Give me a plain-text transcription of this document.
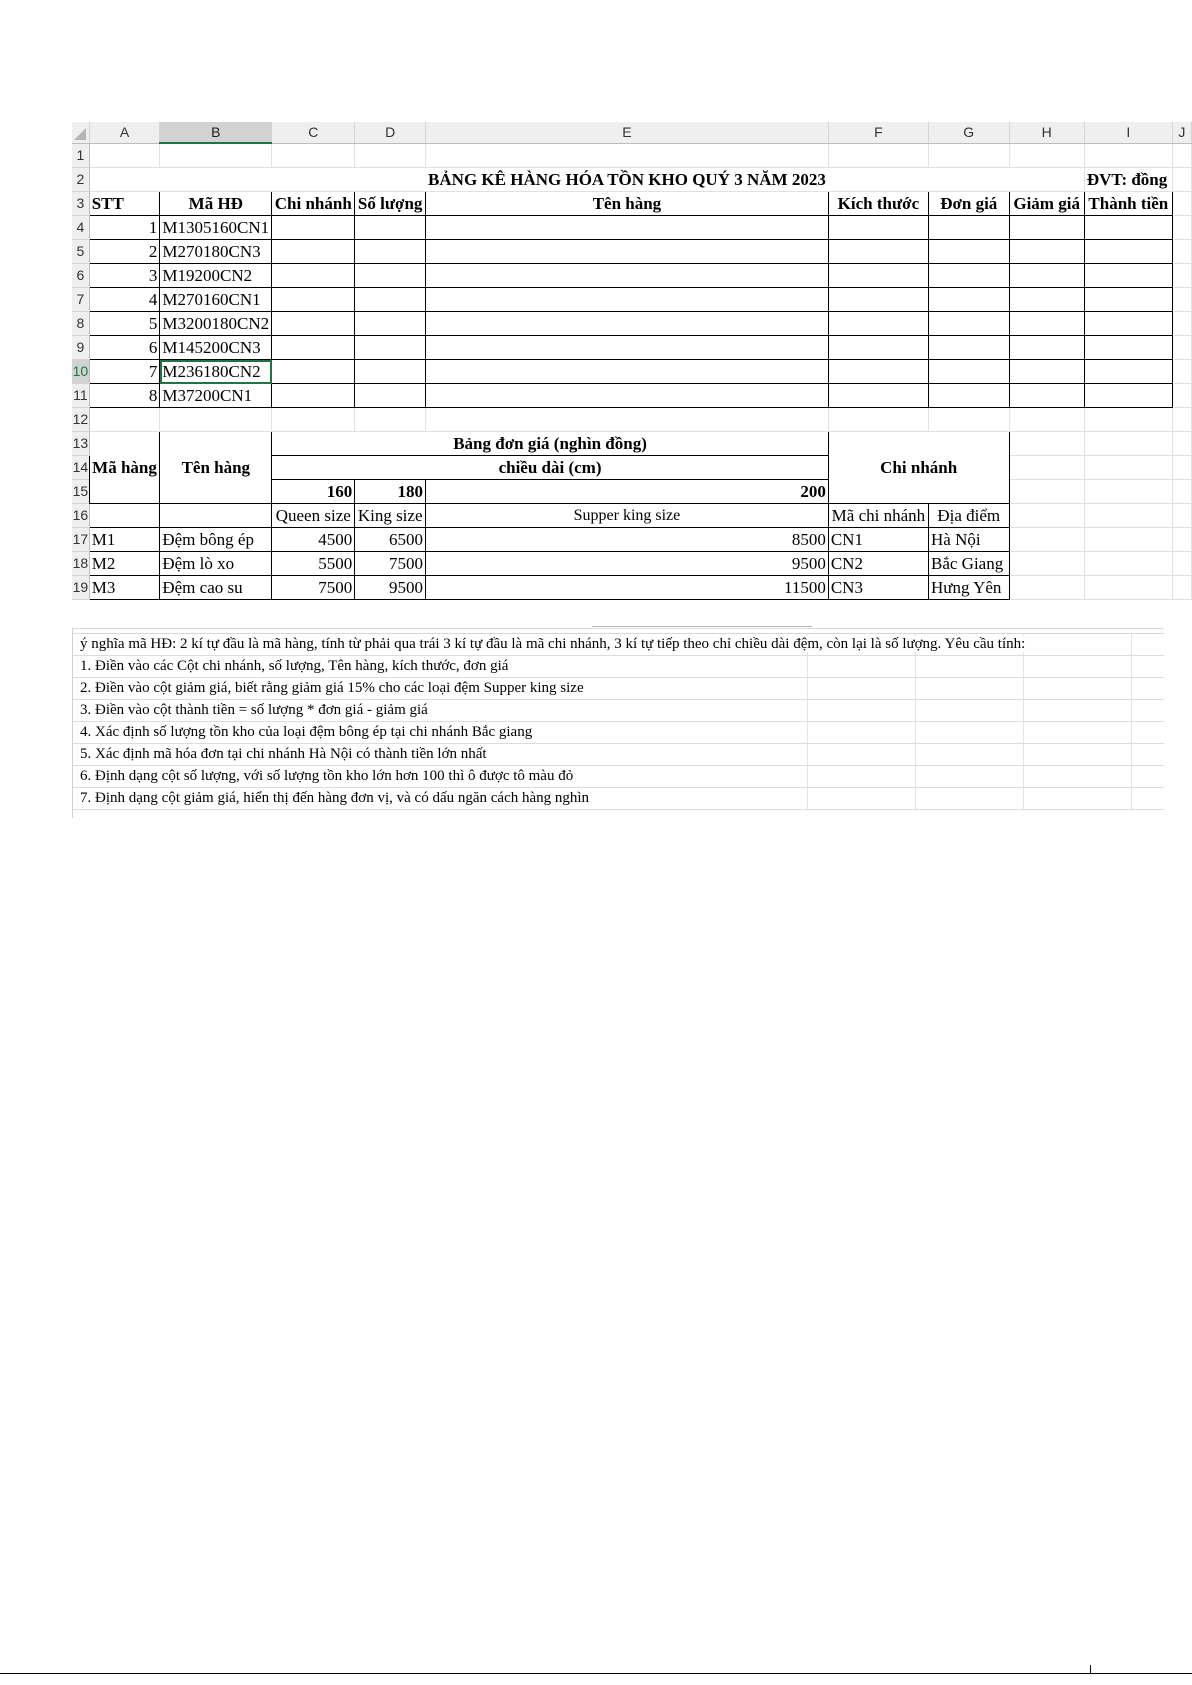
	A	B	C	D	E	F	G	H	I	J
1										
2					BẢNG KÊ HÀNG HÓA TỒN KHO QUÝ 3 NĂM 2023				ĐVT: đồng	
3	STT	Mã HĐ	Chi nhánh	Số lượng	Tên hàng	Kích thước	Đơn giá	Giảm giá	Thành tiền	
4	1	M1305160CN1								
5	2	M270180CN3								
6	3	M19200CN2								
7	4	M270160CN1								
8	5	M3200180CN2								
9	6	M145200CN3								
10	7	M236180CN2								
11	8	M37200CN1								
12										
13	Mã hàng	Tên hàng	Bảng đơn giá (nghìn đồng)			Chi nhánh				
14			chiều dài (cm)							
15			160	180	200					
16			Queen size	King size	Supper king size	Mã chi nhánh	Địa điểm			
17	M1	Đệm bông ép	4500	6500	8500	CN1	Hà Nội			
18	M2	Đệm lò xo	5500	7500	9500	CN2	Bắc Giang			
19	M3	Đệm cao su	7500	9500	11500	CN3	Hưng Yên			
ý nghĩa mã HĐ: 2 kí tự đầu là mã hàng, tính từ phải qua trái 3 kí tự đầu là mã chi nhánh, 3 kí tự tiếp theo chỉ chiều dài đệm, còn lại là số lượng. Yêu cầu tính:
1. Điền vào các Cột chi nhánh, số lượng, Tên hàng, kích thước, đơn giá
2. Điền vào cột giảm giá, biết rằng giảm giá 15% cho các loại đệm Supper king size
3. Điền vào cột thành tiền = số lượng * đơn giá - giảm giá
4. Xác định số lượng tồn kho của loại đệm bông ép tại chi nhánh Bắc giang
5. Xác định mã hóa đơn tại chi nhánh Hà Nội có thành tiền lớn nhất
6. Định dạng cột số lượng, với số lượng tồn kho lớn hơn 100 thì ô được tô màu đỏ
7. Định dạng cột giảm giá, hiển thị đến hàng đơn vị, và có dấu ngăn cách hàng nghìn
